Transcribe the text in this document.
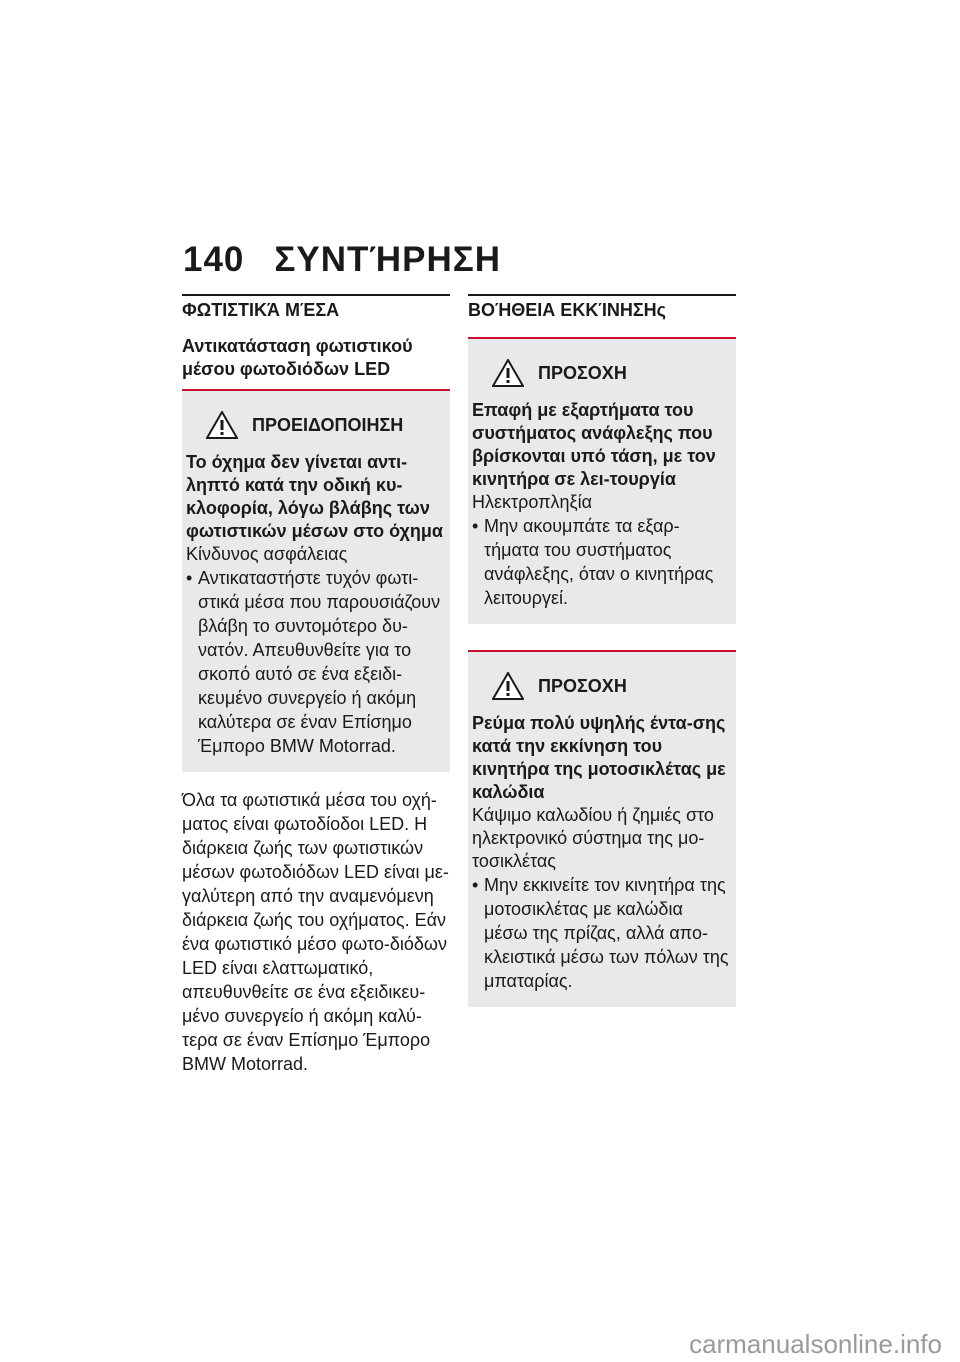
140 ΣΥΝΤΉΡΗΣΗ
ΦΩΤΙΣΤΙΚΆ ΜΈΣΑ
Αντικατάσταση φωτιστικού μέσου φωτοδιόδων LED
ΠΡΟΕΙΔΟΠΟΙΗΣΗ
Το όχημα δεν γίνεται αντι-ληπτό κατά την οδική κυ-κλοφορία, λόγω βλάβης των φωτιστικών μέσων στο όχημα
Κίνδυνος ασφάλειας
• Αντικαταστήστε τυχόν φωτι-στικά μέσα που παρουσιάζουν βλάβη το συντομότερο δυ-νατόν. Απευθυνθείτε για το σκοπό αυτό σε ένα εξειδι-κευμένο συνεργείο ή ακόμη καλύτερα σε έναν Επίσημο Έμπορο BMW Motorrad.
Όλα τα φωτιστικά μέσα του οχή-ματος είναι φωτοδίοδοι LED. Η διάρκεια ζωής των φωτιστικών μέσων φωτοδιόδων LED είναι με-γαλύτερη από την αναμενόμενη διάρκεια ζωής του οχήματος. Εάν ένα φωτιστικό μέσο φωτο-διόδων LED είναι ελαττωματικό, απευθυνθείτε σε ένα εξειδικευ-μένο συνεργείο ή ακόμη καλύ-τερα σε έναν Επίσημο Έμπορο BMW Motorrad.
ΒΟΉΘΕΙΑ ΕΚΚΊΝΗΣΗς
ΠΡΟΣΟΧΗ
Επαφή με εξαρτήματα του συστήματος ανάφλεξης που βρίσκονται υπό τάση, με τον κινητήρα σε λει-τουργία
Ηλεκτροπληξία
• Μην ακουμπάτε τα εξαρ-τήματα του συστήματος ανάφλεξης, όταν ο κινητήρας λειτουργεί.
ΠΡΟΣΟΧΗ
Ρεύμα πολύ υψηλής έντα-σης κατά την εκκίνηση του κινητήρα της μοτοσικλέτας με καλώδια
Κάψιμο καλωδίου ή ζημιές στο ηλεκτρονικό σύστημα της μο-τοσικλέτας
• Μην εκκινείτε τον κινητήρα της μοτοσικλέτας με καλώδια μέσω της πρίζας, αλλά απο-κλειστικά μέσω των πόλων της μπαταρίας.
carmanualsonline.info
